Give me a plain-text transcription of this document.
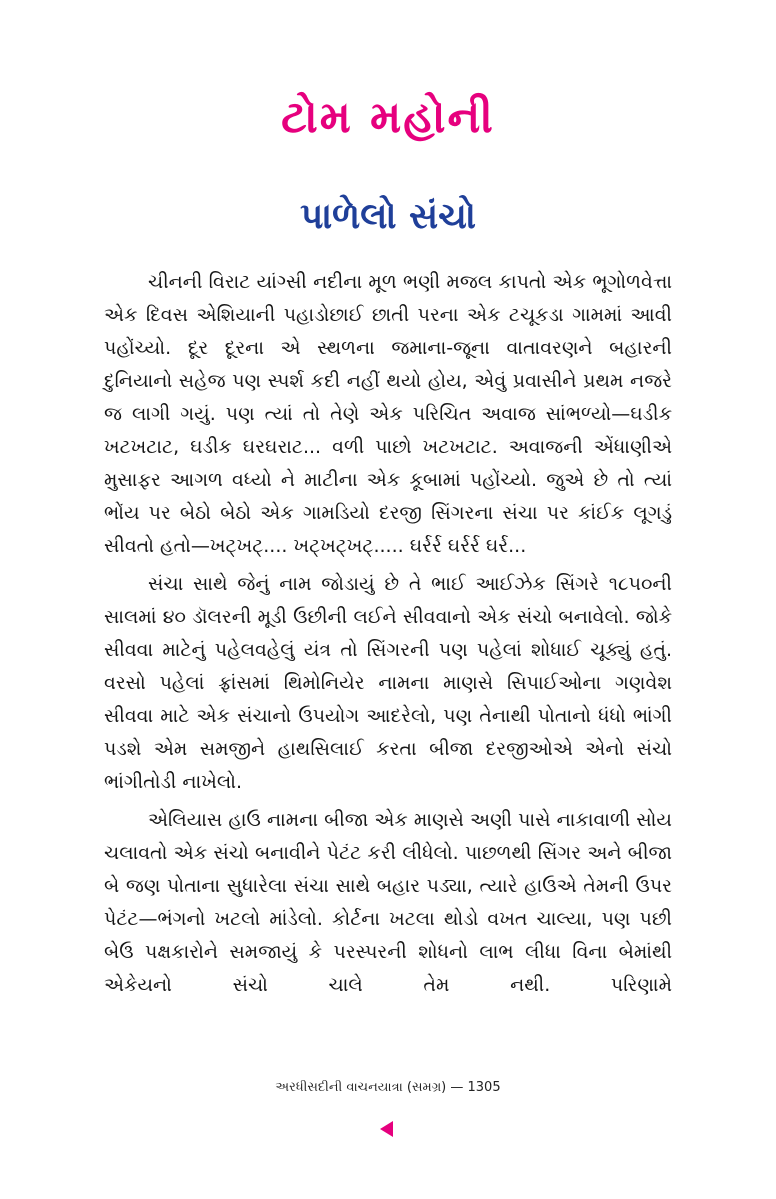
ટોમ મહોની
પાળેલો સંચો

ચીનની વિરાટ યાંગ્સી નદીના મૂળ ભણી મજલ કાપતો એક ભૂગોળવેત્તા એક દિવસ એશિયાની પહાડોછાઈ છાતી પરના એક ટચૂકડા ગામમાં આવી પહોંચ્યો. દૂર દૂરના એ સ્થળના જમાના-જૂના વાતાવરણને બહારની દુનિયાનો સહેજ પણ સ્પર્શ કદી નહીં થયો હોય, એવું પ્રવાસીને પ્રથમ નજરે જ લાગી ગયું. પણ ત્યાં તો તેણે એક પરિચિત અવાજ સાંભળ્યો—ઘડીક ખટખટાટ, ઘડીક ઘરઘરાટ... વળી પાછો ખટખટાટ. અવાજની એંધાણીએ મુસાફર આગળ વધ્યો ને માટીના એક કૂબામાં પહોંચ્યો. જુએ છે તો ત્યાં ભોંય પર બેઠો બેઠો એક ગામડિયો દરજી સિંગરના સંચા પર કાંઈક લૂગડું સીવતો હતો—ખટ્ખટ્.... ખટ્ખટ્ખટ્..... ઘર્રર્ર ઘર્રર્ર ઘર્ર...

સંચા સાથે જેનું નામ જોડાયું છે તે ભાઈ આઈઝેક સિંગરે ૧૮૫૦ની સાલમાં ૪૦ ડૉલરની મૂડી ઉછીની લઈને સીવવાનો એક સંચો બનાવેલો. જોકે સીવવા માટેનું પહેલવહેલું યંત્ર તો સિંગરની પણ પહેલાં શોધાઈ ચૂક્યું હતું. વરસો પહેલાં ફ્રાંસમાં થિમોનિયેર નામના માણસે સિપાઈઓના ગણવેશ સીવવા માટે એક સંચાનો ઉપયોગ આદરેલો, પણ તેનાથી પોતાનો ધંધો ભાંગી પડશે એમ સમજીને હાથસિલાઈ કરતા બીજા દરજીઓએ એનો સંચો ભાંગીતોડી નાખેલો.

એલિયાસ હાઉ નામના બીજા એક માણસે અણી પાસે નાકાવાળી સોય ચલાવતો એક સંચો બનાવીને પેટંટ કરી લીધેલો. પાછળથી સિંગર અને બીજા બે જણ પોતાના સુધારેલા સંચા સાથે બહાર પડ્યા, ત્યારે હાઉએ તેમની ઉપર પેટંટ—ભંગનો ખટલો માંડેલો. કોર્ટના ખટલા થોડો વખત ચાલ્યા, પણ પછી બેઉ પક્ષકારોને સમજાયું કે પરસ્પરની શોધનો લાભ લીધા વિના બેમાંથી એકેયનો સંચો ચાલે તેમ નથી. પરિણામે

અરધીસદીની વાચનયાત્રા (સમગ્ર) — 1305
